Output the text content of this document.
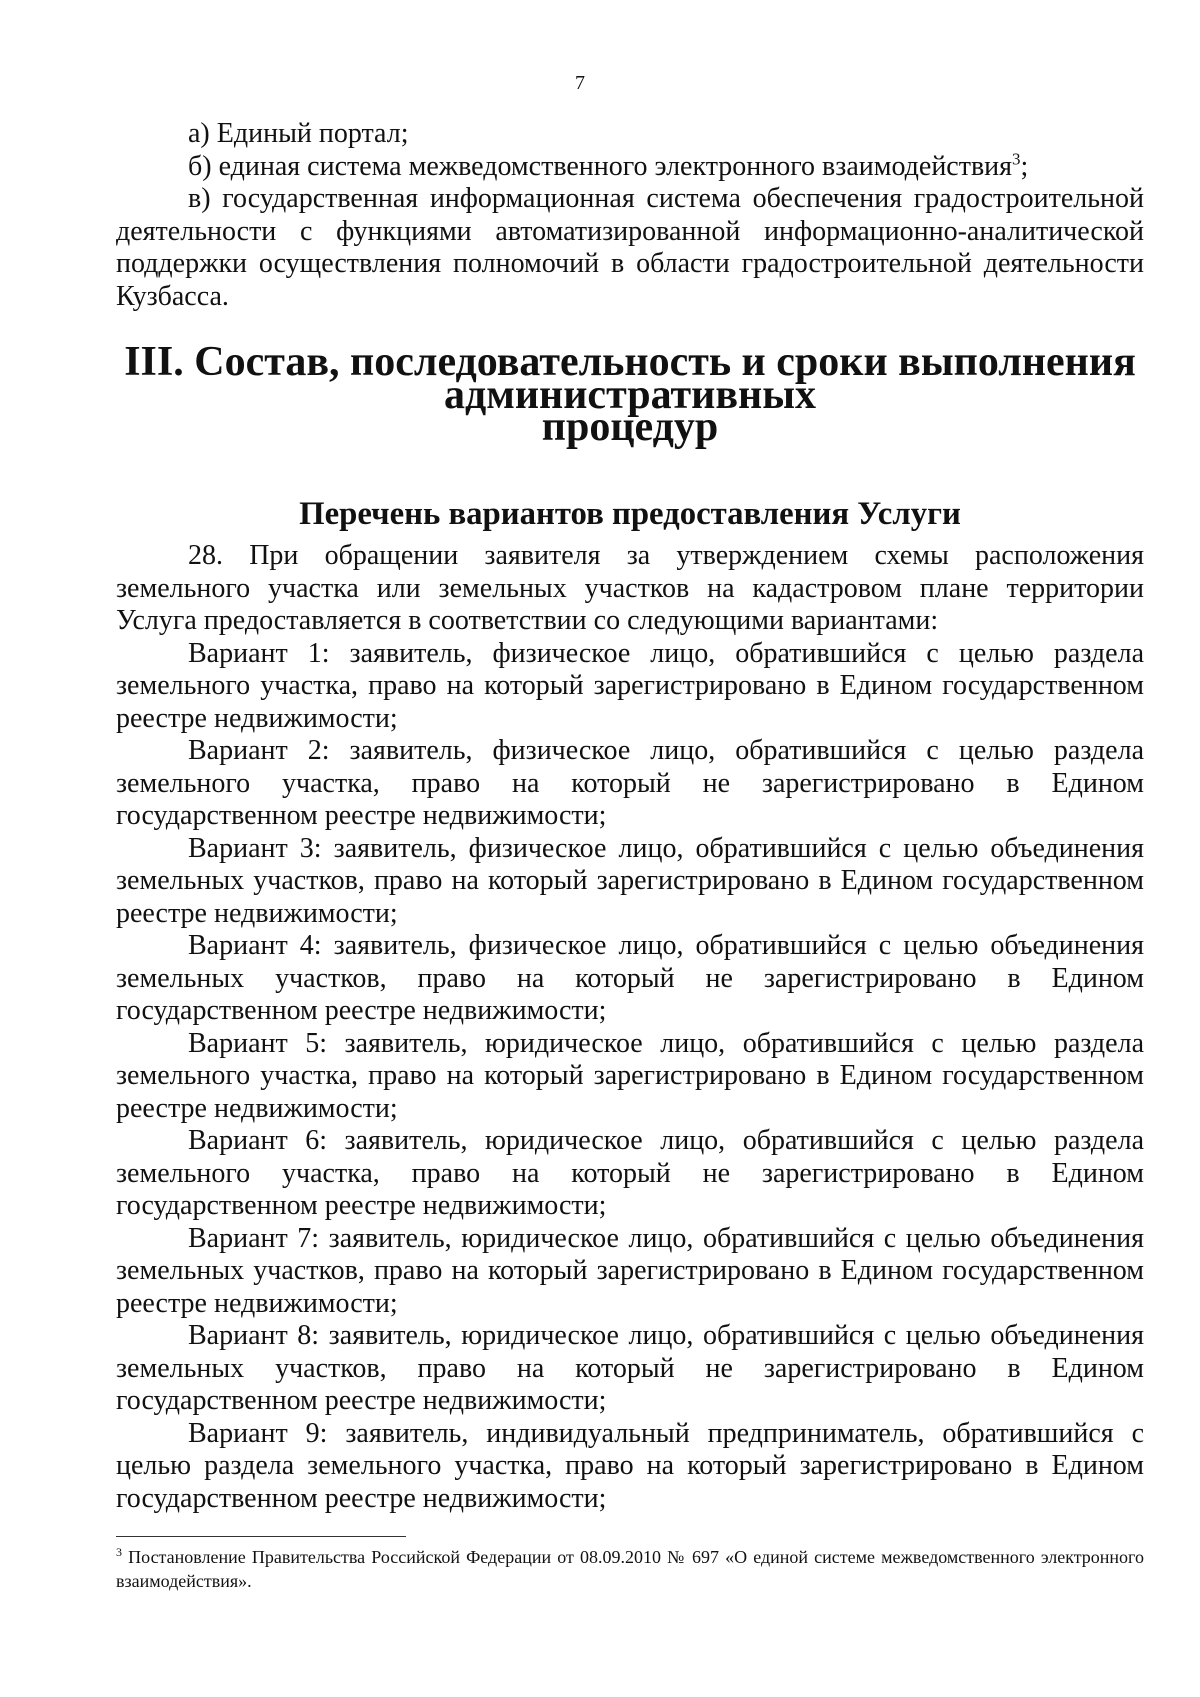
7

а) Единый портал;

б) единая система межведомственного электронного взаимодействия$^3$;

в) государственная информационная система обеспечения градостроительной деятельности с функциями автоматизированной информационно-аналитической поддержки осуществления полномочий в области градостроительной деятельности Кузбасса.

III. Состав, последовательность и сроки выполнения административных
процедур
Перечень вариантов предоставления Услуги

28. При обращении заявителя за утверждением схемы расположения земельного участка или земельных участков на кадастровом плане территории Услуга предоставляется в соответствии со следующими вариантами:

Вариант 1: заявитель, физическое лицо, обратившийся с целью раздела земельного участка, право на который зарегистрировано в Едином государственном реестре недвижимости;

Вариант 2: заявитель, физическое лицо, обратившийся с целью раздела земельного участка, право на который не зарегистрировано в Едином государственном реестре недвижимости;

Вариант 3: заявитель, физическое лицо, обратившийся с целью объединения земельных участков, право на который зарегистрировано в Едином государственном реестре недвижимости;

Вариант 4: заявитель, физическое лицо, обратившийся с целью объединения земельных участков, право на который не зарегистрировано в Едином государственном реестре недвижимости;

Вариант 5: заявитель, юридическое лицо, обратившийся с целью раздела земельного участка, право на который зарегистрировано в Едином государственном реестре недвижимости;

Вариант 6: заявитель, юридическое лицо, обратившийся с целью раздела земельного участка, право на который не зарегистрировано в Едином государственном реестре недвижимости;

Вариант 7: заявитель, юридическое лицо, обратившийся с целью объединения земельных участков, право на который зарегистрировано в Едином государственном реестре недвижимости;

Вариант 8: заявитель, юридическое лицо, обратившийся с целью объединения земельных участков, право на который не зарегистрировано в Едином государственном реестре недвижимости;

Вариант 9: заявитель, индивидуальный предприниматель, обратившийся с целью раздела земельного участка, право на который зарегистрировано в Едином государственном реестре недвижимости;

$^3$ Постановление Правительства Российской Федерации от 08.09.2010 № 697 «О единой системе межведомственного электронного взаимодействия».
